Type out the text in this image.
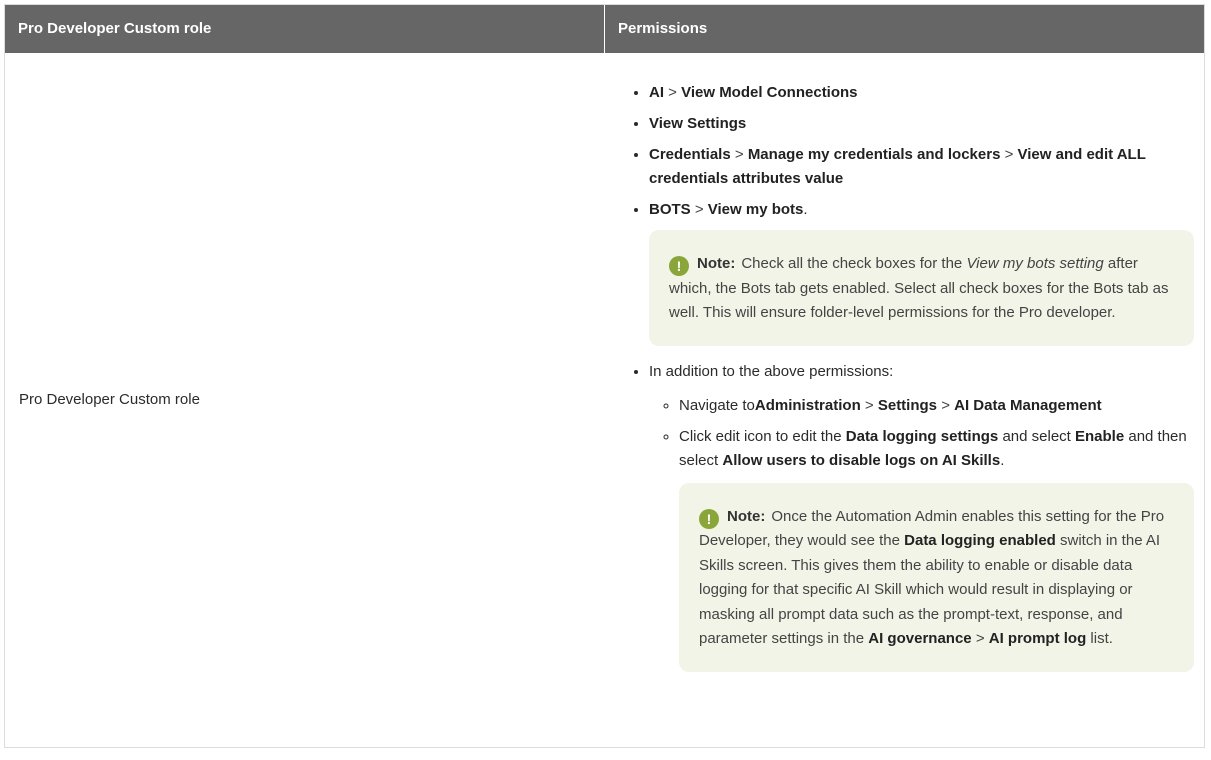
Pro Developer Custom role	Permissions
Pro Developer Custom role
• AI > View Model Connections
• View Settings
• Credentials > Manage my credentials and lockers > View and edit ALL credentials attributes value
• BOTS > View my bots.
! Note: Check all the check boxes for the View my bots setting after which, the Bots tab gets enabled. Select all check boxes for the Bots tab as well. This will ensure folder-level permissions for the Pro developer.
• In addition to the above permissions:
◦ Navigate toAdministration > Settings > AI Data Management
◦ Click edit icon to edit the Data logging settings and select Enable and then select Allow users to disable logs on AI Skills.
! Note: Once the Automation Admin enables this setting for the Pro Developer, they would see the Data logging enabled switch in the AI Skills screen. This gives them the ability to enable or disable data logging for that specific AI Skill which would result in displaying or masking all prompt data such as the prompt-text, response, and parameter settings in the AI governance > AI prompt log list.
